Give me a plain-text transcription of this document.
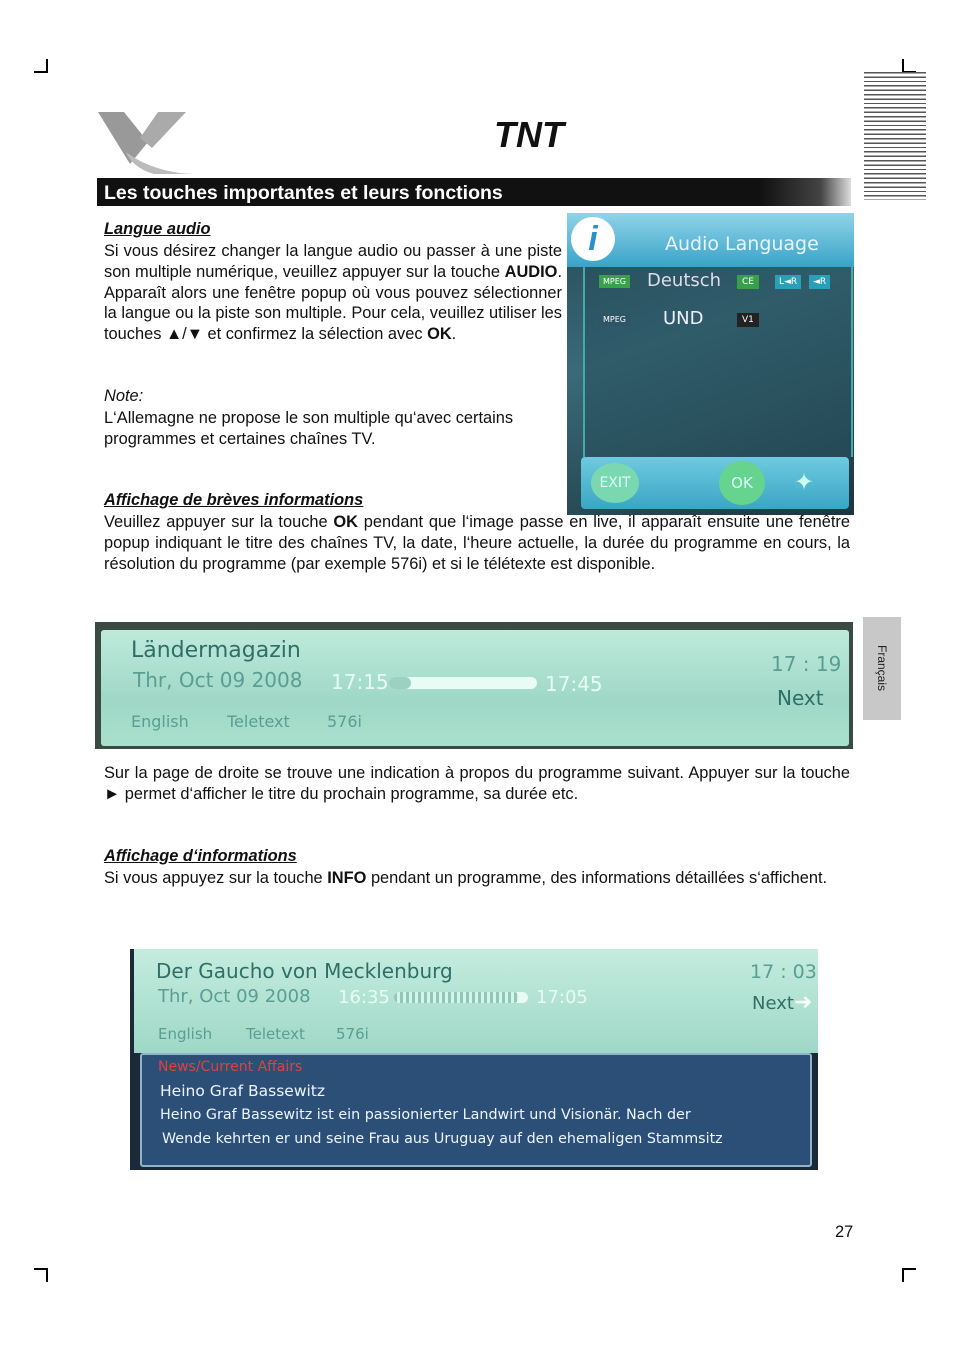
TNT
Les touches importantes et leurs fonctions
Langue audio
Si vous désirez changer la langue audio ou passer à une piste son multiple numérique, veuillez appuyer sur la touche AUDIO. Apparaît alors une fenêtre popup où vous pouvez sélectionner la langue ou la piste son multiple. Pour cela, veuillez utiliser les touches ▲/▼ et confirmez la sélection avec OK.
Note:
L‘Allemagne ne propose le son multiple qu‘avec certains programmes et certaines chaînes TV.
i	Audio Language
MPEG Deutsch	CE	L◄R	◄R
MPEG UND	V1
EXIT	OK	✦
Affichage de brèves informations
Veuillez appuyer sur la touche OK pendant que l‘image passe en live, il apparaît ensuite une fenêtre popup indiquant le titre des chaînes TV, la date, l‘heure actuelle, la durée du programme en cours, la résolution du programme (par exemple 576i) et si le télétexte est disponible.
Ländermagazin
Thr, Oct 09 2008 17:15	17:45
17 : 19
Next
English Teletext 576i
Sur la page de droite se trouve une indication à propos du programme suivant. Appuyer sur la touche ► permet d‘afficher le titre du prochain programme, sa durée etc.
Affichage d‘informations
Si vous appuyez sur la touche INFO pendant un programme, des informations détaillées s‘affichent.
Der Gaucho von Mecklenburg
Thr, Oct 09 2008 16:35	17:05
17 : 03
Next ➜
English Teletext 576i
News/Current Affairs
Heino Graf Bassewitz
Heino Graf Bassewitz ist ein passionierter Landwirt und Visionär. Nach der
Wende kehrten er und seine Frau aus Uruguay auf den ehemaligen Stammsitz
Français
27
